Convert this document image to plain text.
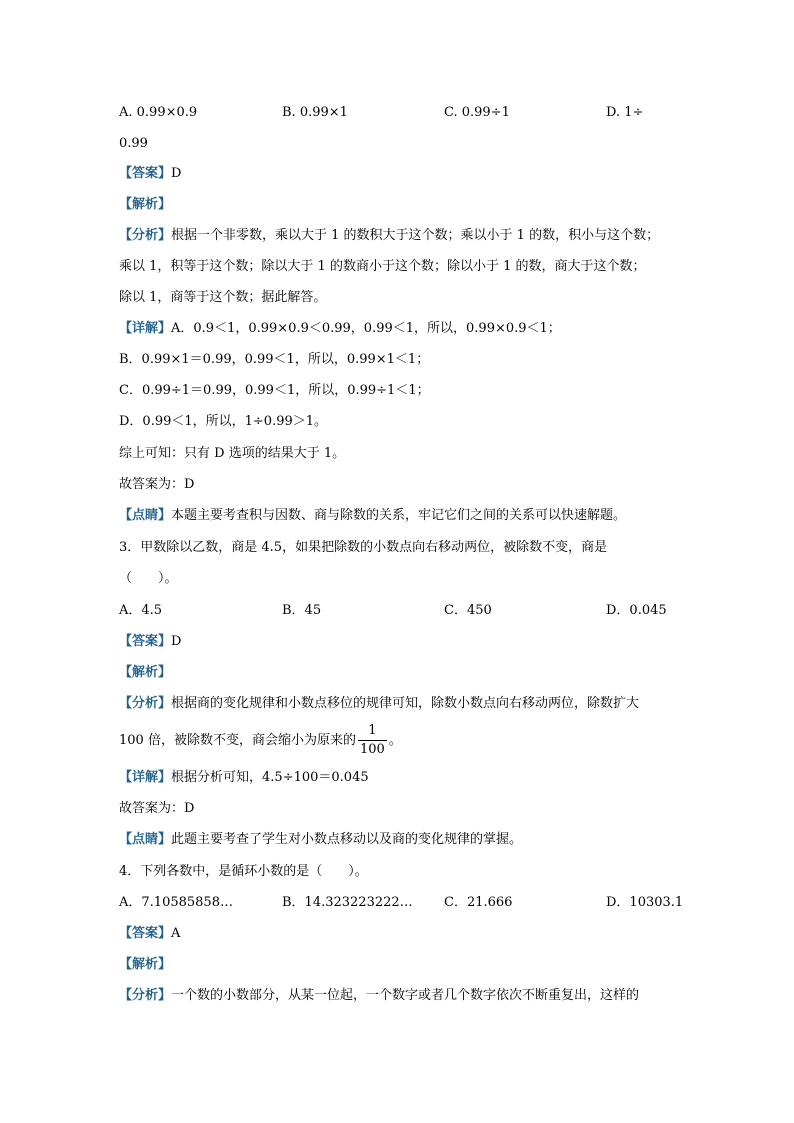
A. 0.99×0.9	B. 0.99×1	C. 0.99÷1	D. 1÷
0.99
【答案】D
【解析】
【分析】根据一个非零数，乘以大于 1 的数积大于这个数；乘以小于 1 的数，积小与这个数；
乘以 1，积等于这个数；除以大于 1 的数商小于这个数；除以小于 1 的数，商大于这个数；
除以 1，商等于这个数；据此解答。
【详解】A．0.9＜1，0.99×0.9＜0.99，0.99＜1，所以，0.99×0.9＜1；
B．0.99×1＝0.99，0.99＜1，所以，0.99×1＜1；
C．0.99÷1＝0.99，0.99＜1，所以，0.99÷1＜1；
D．0.99＜1，所以，1÷0.99＞1。
综上可知：只有 D 选项的结果大于 1。
故答案为：D
【点睛】本题主要考查积与因数、商与除数的关系，牢记它们之间的关系可以快速解题。
3．甲数除以乙数，商是 4.5，如果把除数的小数点向右移动两位，被除数不变，商是
（　　）。
A．4.5	B．45	C．450	D．0.045
【答案】D
【解析】
【分析】根据商的变化规律和小数点移位的规律可知，除数小数点向右移动两位，除数扩大
100 倍，被除数不变，商会缩小为原来的 $\frac{1}{100}$ 。
【详解】根据分析可知，4.5÷100＝0.045
故答案为：D
【点睛】此题主要考查了学生对小数点移动以及商的变化规律的掌握。
4．下列各数中，是循环小数的是（　　）。
A．7.10585858…	B．14.323223222… C．21.666	D．10303.1
【答案】A
【解析】
【分析】一个数的小数部分，从某一位起，一个数字或者几个数字依次不断重复出，这样的
